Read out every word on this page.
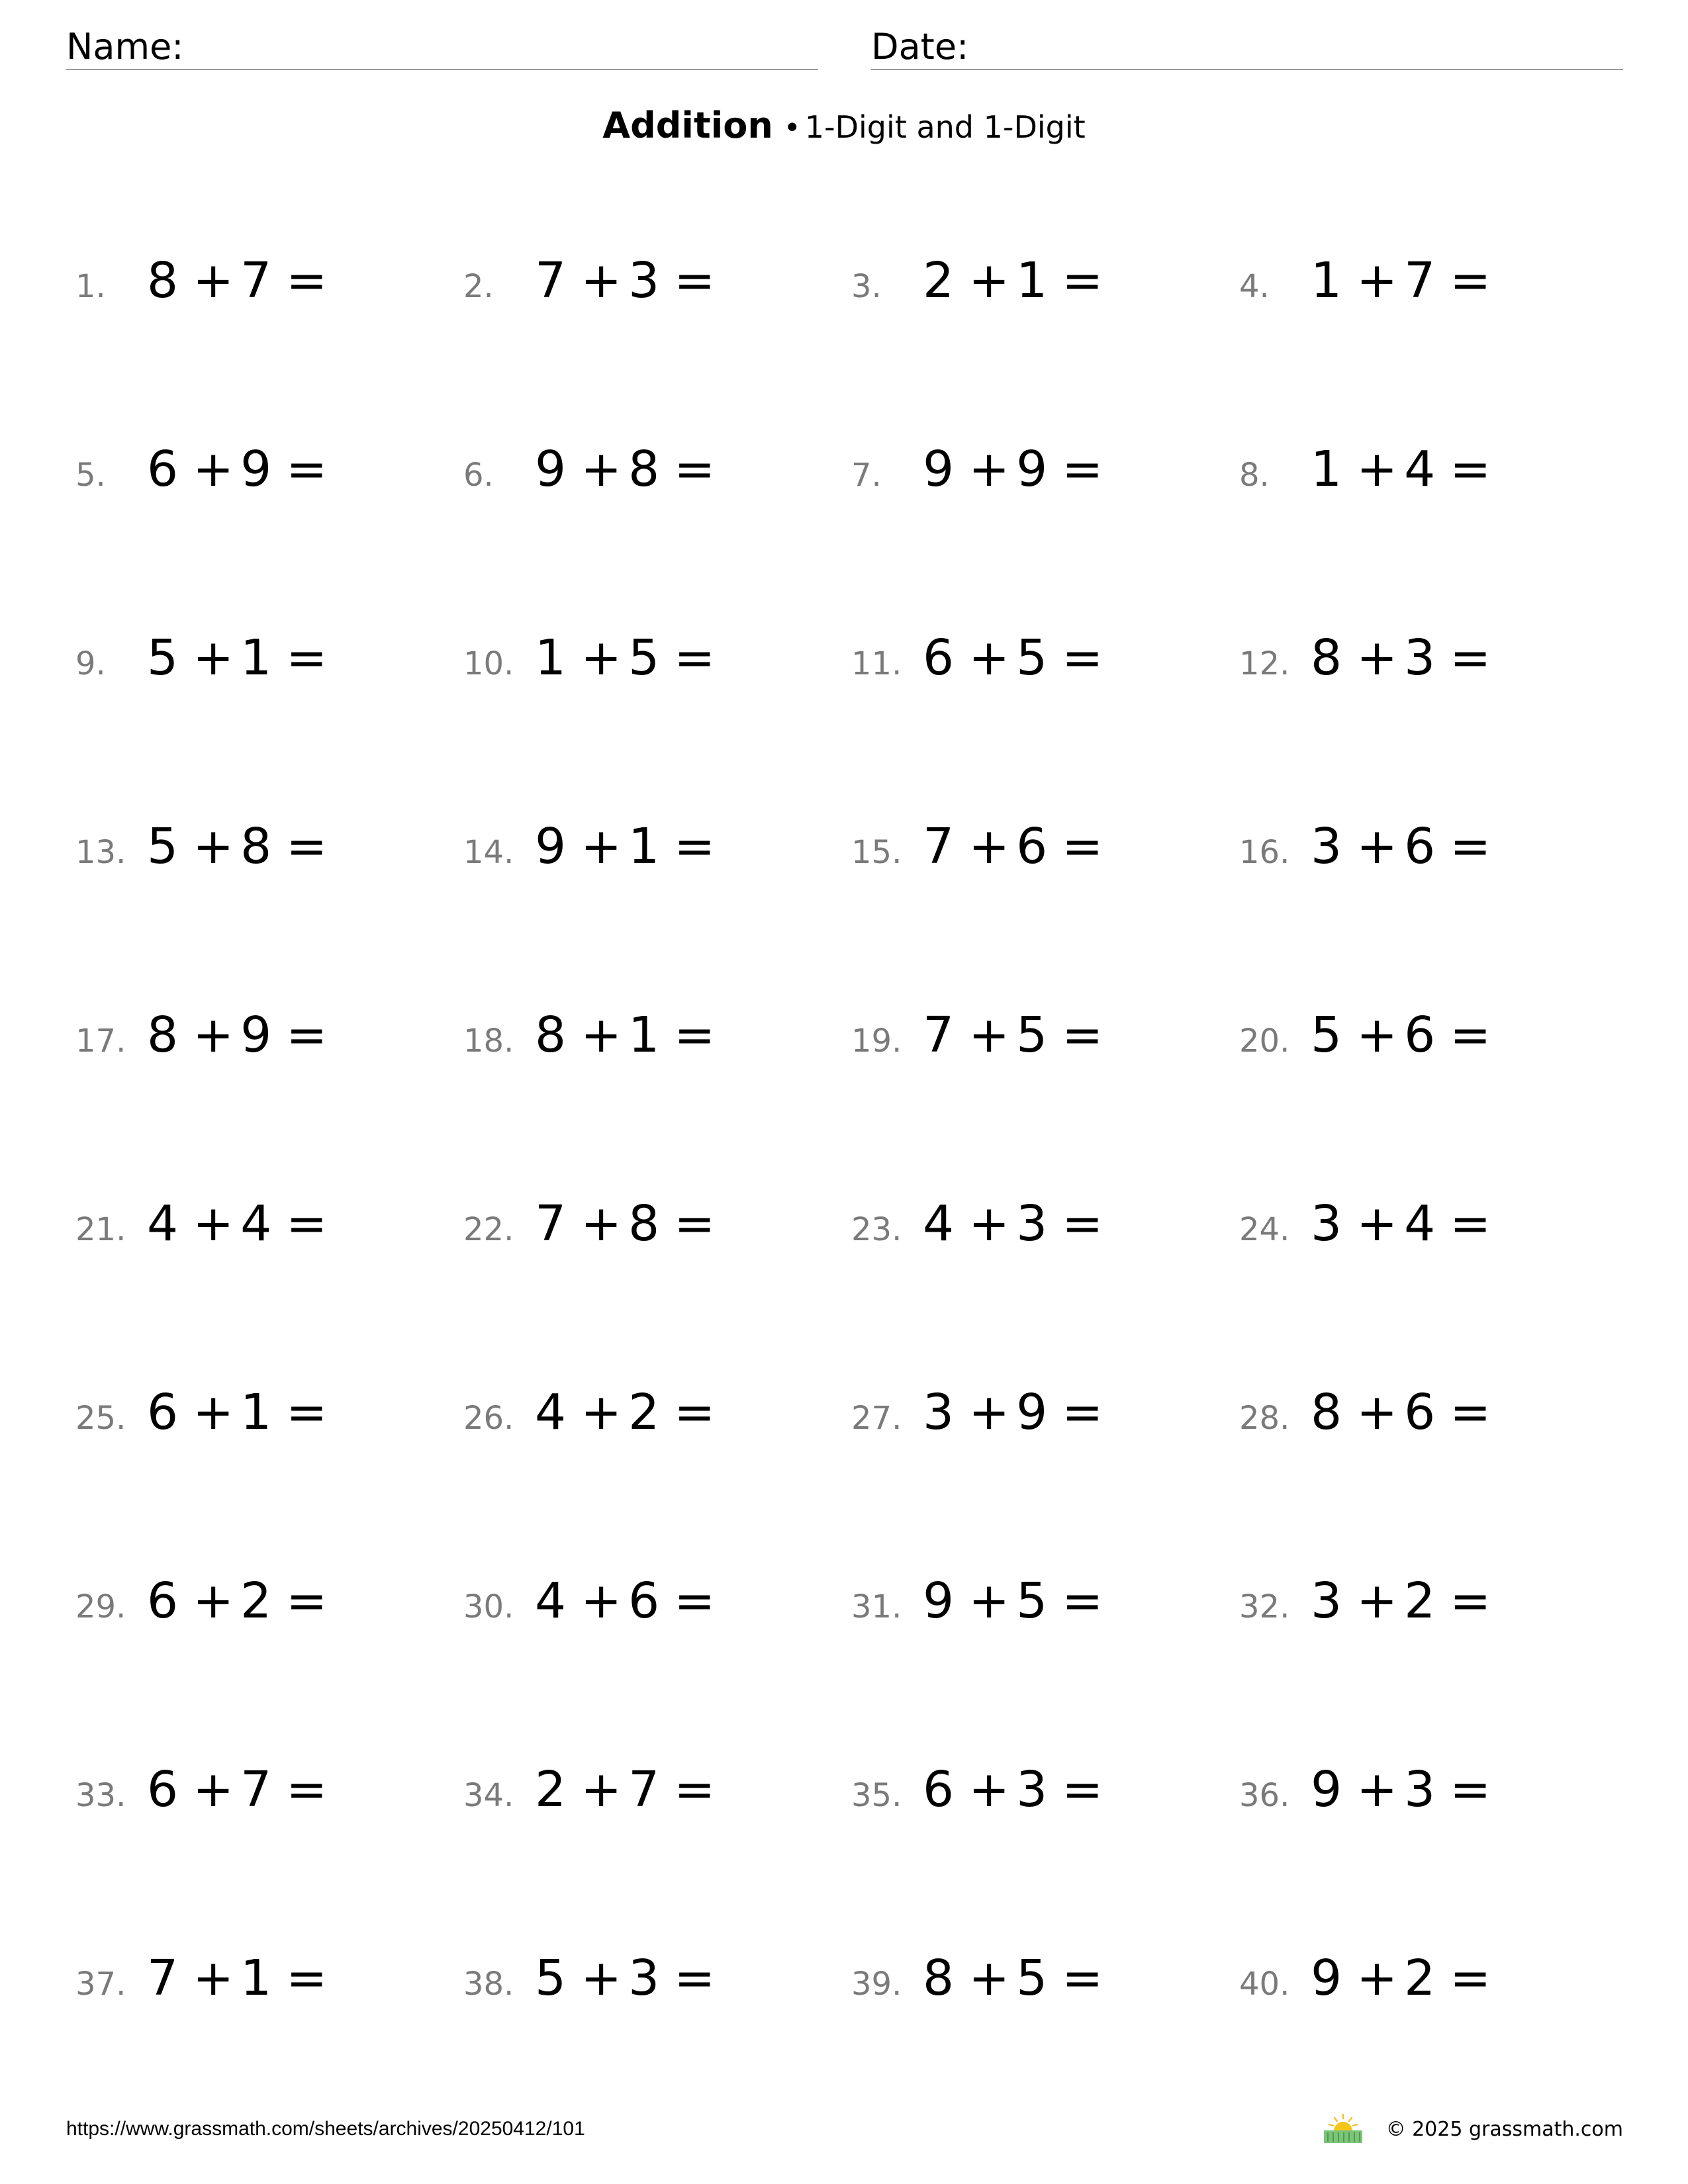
Name:	Date:
Addition • 1-Digit and 1-Digit
1. 8 + 7 =	2. 7 + 3 =	3. 2 + 1 =	4. 1 + 7 =
5. 6 + 9 =	6. 9 + 8 =	7. 9 + 9 =	8. 1 + 4 =
9. 5 + 1 =	10. 1 + 5 =	11. 6 + 5 =	12. 8 + 3 =
13. 5 + 8 =	14. 9 + 1 =	15. 7 + 6 =	16. 3 + 6 =
17. 8 + 9 =	18. 8 + 1 =	19. 7 + 5 =	20. 5 + 6 =
21. 4 + 4 =	22. 7 + 8 =	23. 4 + 3 =	24. 3 + 4 =
25. 6 + 1 =	26. 4 + 2 =	27. 3 + 9 =	28. 8 + 6 =
29. 6 + 2 =	30. 4 + 6 =	31. 9 + 5 =	32. 3 + 2 =
33. 6 + 7 =	34. 2 + 7 =	35. 6 + 3 =	36. 9 + 3 =
37. 7 + 1 =	38. 5 + 3 =	39. 8 + 5 =	40. 9 + 2 =
https://www.grassmath.com/sheets/archives/20250412/101	© 2025 grassmath.com
